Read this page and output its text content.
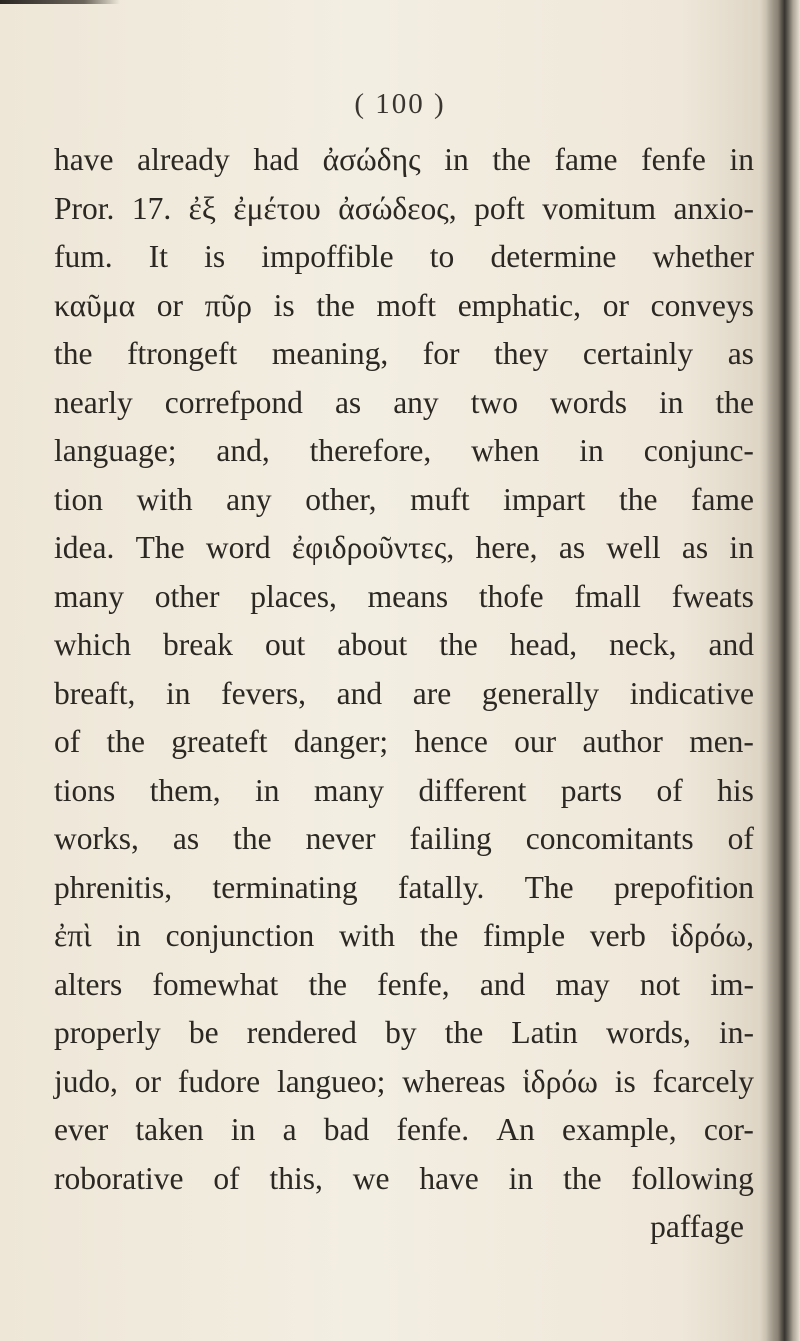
( 100 )
have already had ἀσώδης in the fame fenfe in
Pror. 17. ἐξ ἐμέτου ἀσώδεος, poft vomitum anxio-
fum. It is impoffible to determine whether
καῦμα or πῦρ is the moft emphatic, or conveys
the ftrongeft meaning, for they certainly as
nearly correfpond as any two words in the
language; and, therefore, when in conjunc-
tion with any other, muft impart the fame
idea. The word ἐφιδροῦντες, here, as well as in
many other places, means thofe fmall fweats
which break out about the head, neck, and
breaft, in fevers, and are generally indicative
of the greateft danger; hence our author men-
tions them, in many different parts of his
works, as the never failing concomitants of
phrenitis, terminating fatally. The prepofition
ἐπὶ in conjunction with the fimple verb ἱδρόω,
alters fomewhat the fenfe, and may not im-
properly be rendered by the Latin words, in-
judo, or fudore langueo; whereas ἱδρόω is fcarcely
ever taken in a bad fenfe. An example, cor-
roborative of this, we have in the following
paffage
